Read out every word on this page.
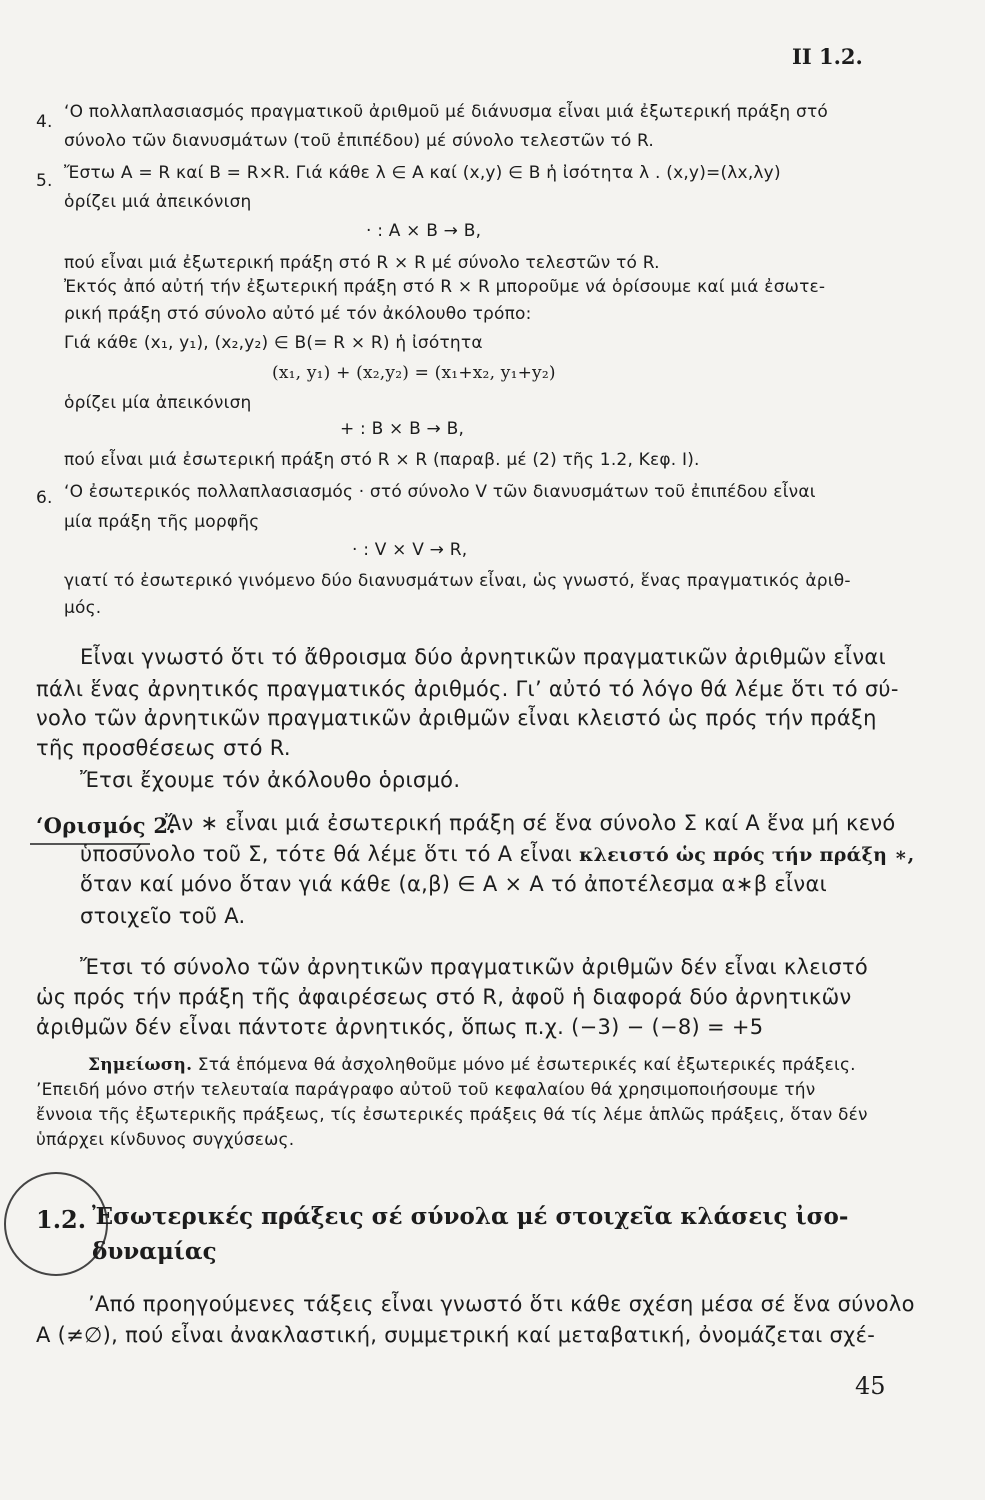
II 1.2.
4. ‘Ο πολλαπλασιασμός πραγματικοῦ ἀριθμοῦ μέ διάνυσμα εἶναι μιά ἐξωτερική πράξη στό
σύνολο τῶν διανυσμάτων (τοῦ ἐπιπέδου) μέ σύνολο τελεστῶν τό R.
5. Ἔστω A = R καί B = R×R. Γιά κάθε λ ∈ A καί (x,y) ∈ B ἡ ἰσότητα λ . (x,y)=(λx,λy)
ὁρίζει μιά ἀπεικόνιση
· : A × B → B,
πού εἶναι μιά ἐξωτερική πράξη στό R × R μέ σύνολο τελεστῶν τό R.
Ἐκτός ἀπό αὐτή τήν ἐξωτερική πράξη στό R × R μποροῦμε νά ὁρίσουμε καί μιά ἐσωτε-
ρική πράξη στό σύνολο αὐτό μέ τόν ἀκόλουθο τρόπο:
Γιά κάθε (x₁, y₁), (x₂,y₂) ∈ B(= R × R) ἡ ἰσότητα
(x₁, y₁) + (x₂,y₂) = (x₁+x₂, y₁+y₂)
ὁρίζει μία ἀπεικόνιση
+ : B × B → B,
πού εἶναι μιά ἐσωτερική πράξη στό R × R (παραβ. μέ (2) τῆς 1.2, Κεφ. I).
6. ‘Ο ἐσωτερικός πολλαπλασιασμός · στό σύνολο V τῶν διανυσμάτων τοῦ ἐπιπέδου εἶναι
μία πράξη τῆς μορφῆς
· : V × V → R,
γιατί τό ἐσωτερικό γινόμενο δύο διανυσμάτων εἶναι, ὡς γνωστό, ἕνας πραγματικός ἀριθ-
μός.
Εἶναι γνωστό ὅτι τό ἄθροισμα δύο ἀρνητικῶν πραγματικῶν ἀριθμῶν εἶναι
πάλι ἕνας ἀρνητικός πραγματικός ἀριθμός. Γι’ αὐτό τό λόγο θά λέμε ὅτι τό σύ-
νολο τῶν ἀρνητικῶν πραγματικῶν ἀριθμῶν εἶναι κλειστό ὡς πρός τήν πράξη
τῆς προσθέσεως στό R.
Ἔτσι ἔχουμε τόν ἀκόλουθο ὁρισμό.
‘Ορισμός 2.
Ἄν ∗ εἶναι μιά ἐσωτερική πράξη σέ ἕνα σύνολο Σ καί A ἕνα μή κενό
ὑποσύνολο τοῦ Σ, τότε θά λέμε ὅτι τό A εἶναι κλειστό ὡς πρός τήν πράξη ∗,
ὅταν καί μόνο ὅταν γιά κάθε (α,β) ∈ A × A τό ἀποτέλεσμα α∗β εἶναι
στοιχεῖο τοῦ A.
Ἔτσι τό σύνολο τῶν ἀρνητικῶν πραγματικῶν ἀριθμῶν δέν εἶναι κλειστό
ὡς πρός τήν πράξη τῆς ἀφαιρέσεως στό R, ἀφοῦ ἡ διαφορά δύο ἀρνητικῶν
ἀριθμῶν δέν εἶναι πάντοτε ἀρνητικός, ὅπως π.χ. (−3) − (−8) = +5
Σημείωση. Στά ἑπόμενα θά ἀσχοληθοῦμε μόνο μέ ἐσωτερικές καί ἐξωτερικές πράξεις.
’Επειδή μόνο στήν τελευταία παράγραφο αὐτοῦ τοῦ κεφαλαίου θά χρησιμοποιήσουμε τήν
ἔννοια τῆς ἐξωτερικῆς πράξεως, τίς ἐσωτερικές πράξεις θά τίς λέμε ἁπλῶς πράξεις, ὅταν δέν
ὑπάρχει κίνδυνος συγχύσεως.
1.2. Ἐσωτερικές πράξεις σέ σύνολα μέ στοιχεῖα κλάσεις ἰσο-
δυναμίας
’Από προηγούμενες τάξεις εἶναι γνωστό ὅτι κάθε σχέση μέσα σέ ἕνα σύνολο
A (≠∅), πού εἶναι ἀνακλαστική, συμμετρική καί μεταβατική, ὀνομάζεται σχέ-
45
